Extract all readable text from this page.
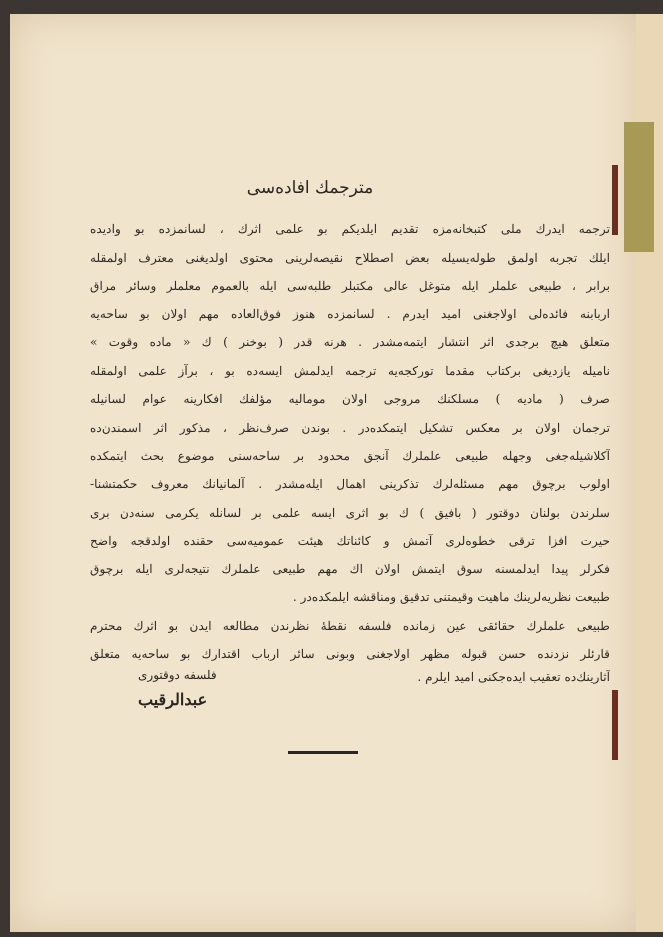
مترجمك افاده‌سی
ترجمه ایدرك ملی كتبخانه‌مزه تقدیم ایلدیكم بو علمی اثرك ، لسانمزده بو واديده
ايلك تجربه اولمق طوله‌يسیله بعض اصطلاح نقیصه‌لرینی محتوی اولدیغنی معترف اولمقله
برابر ، طبیعی علملر ایله متوغل عالی مكتبلر طلبه‌سی ايله بالعموم معلملر وسائر مراق
اربابنه فائده‌لی اولاجغنی امید ایدرم . لسانمزده هنوز فوق‌العاده مهم اولان بو ساحه‌یه
متعلق هيچ برجدی اثر انتشار ایتمه‌مشدر . هرنه قدر ( بوخنر ) ك « ماده وقوت »
ناميله يازديغی بركتاب مقدما توركجه‌يه ترجمه ايدلمش ايسه‌ده بو ، برآز علمی اولمقله
صرف ( ماديه ) مسلكنك مروجی اولان موماليه مؤلفك افكارينه عوام لسانیله
ترجمان اولان بر معكس تشكيل ايتمكده‌در . بوندن صرف‌نظر ، مذكور اثر اسمندن‌ده
آكلاشيله‌جغی وجهله طبیعی علملرك آنجق محدود بر ساحه‌سنی موضوع بحث ایتمكده
اولوب برچوق مهم مسئله‌لرك تذكرینی اهمال ایله‌مشدر . آلمانیانك معروف حكمتشنا-
سلرندن بولنان دوقتور ( بافيق ) ك بو اثری ایسه علمی بر لسانله یكرمی سنه‌دن بری
حيرت افزا ترقی خطوه‌لری آتمش و كائناتك هيئت عموميه‌سی حقنده اولدقجه واضح
فكرلر پيدا ايدلمسنه سوق ايتمش اولان اك مهم طبیعی علملرك نتیجه‌لری ایله برچوق
طبیعت نظریه‌لرينك ماهيت وقیمتنی تدقیق ومناقشه ايلمكده‌در .
طبیعی علملرك حقائقی عین زمانده فلسفه نقطهٔ نظرندن مطالعه ايدن بو اثرك محترم
قارئلر نزدنده حسن قبوله مظهر اولاجغنی وبونی سائر ارباب اقتدارك بو ساحه‌یه متعلق
آثارینك‌ده تعقیب ایده‌جكنی امید ایلرم .
فلسفه دوقتوری
عبدالرقیب
